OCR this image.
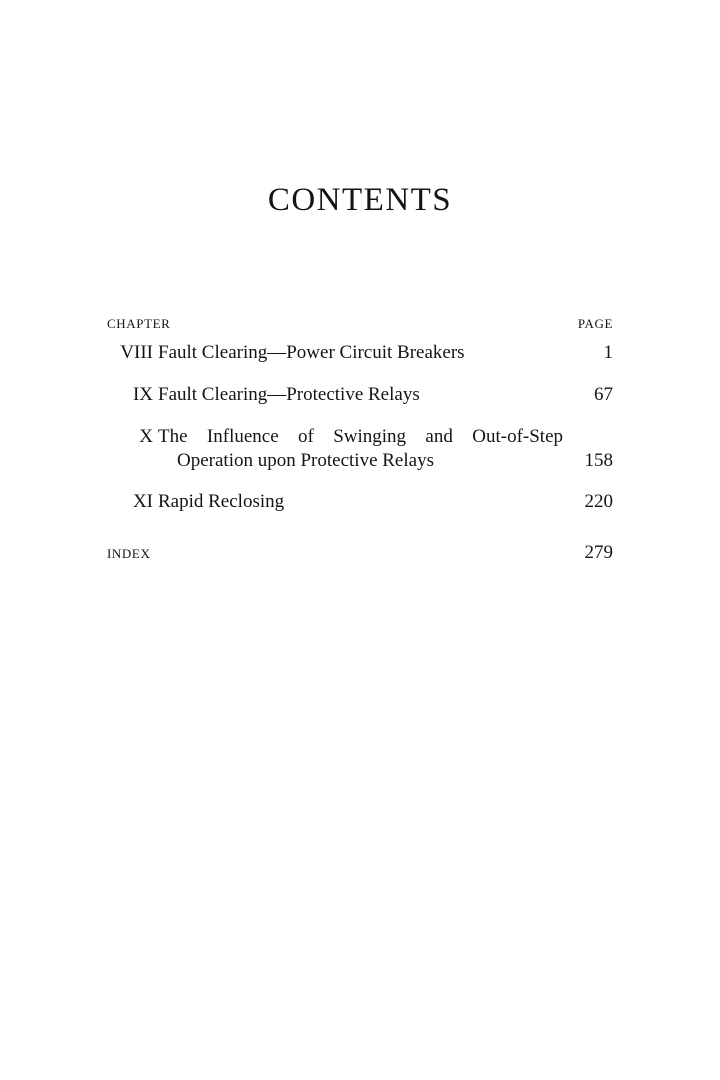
CONTENTS
CHAPTER	PAGE
VIII Fault Clearing—Power Circuit Breakers	1
IX Fault Clearing—Protective Relays	67
X The Influence of Swinging and Out-of-Step
Operation upon Protective Relays	158
XI Rapid Reclosing	220
INDEX	279
